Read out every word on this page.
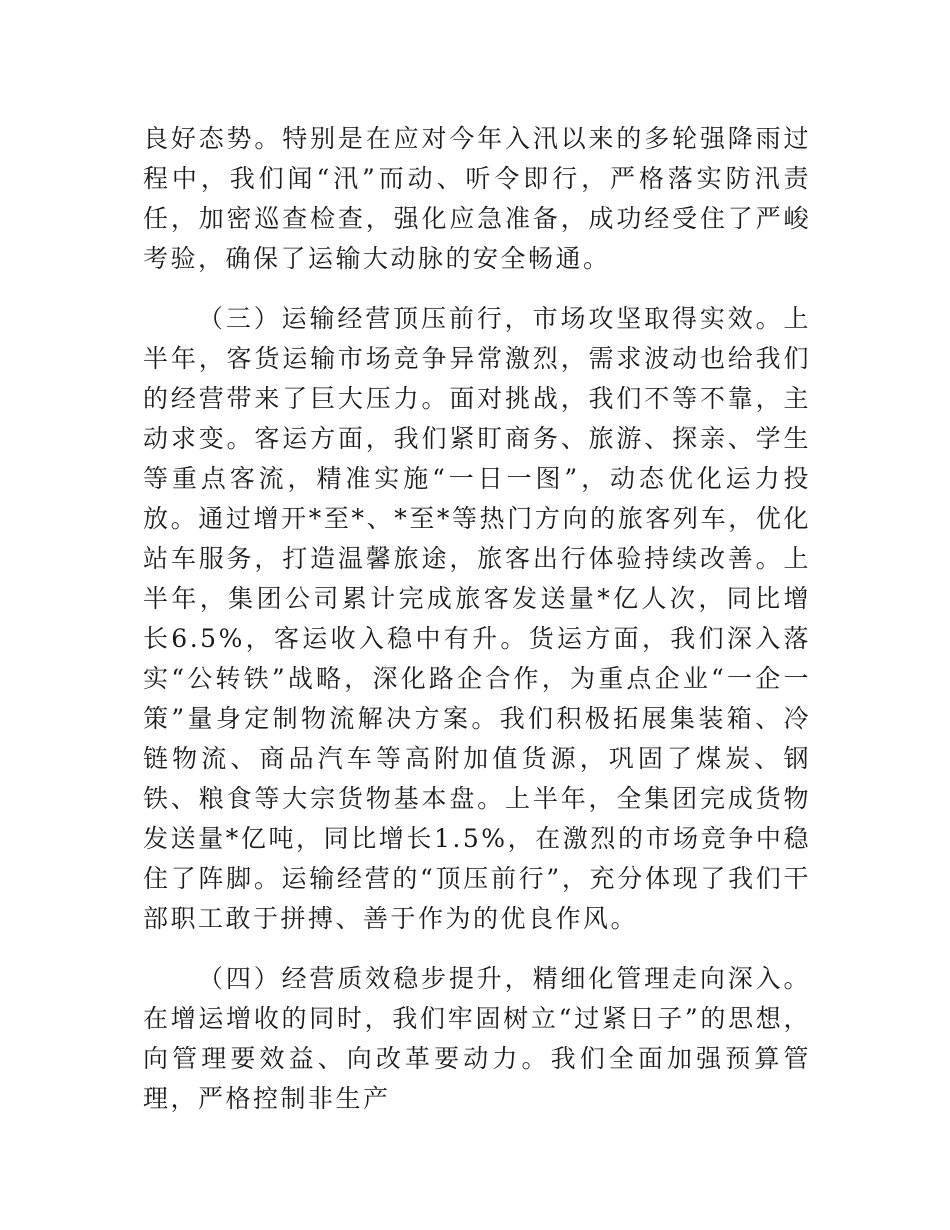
良好态势。特别是在应对今年入汛以来的多轮强降雨过程中，我们闻“汛”而动、听令即行，严格落实防汛责任，加密巡查检查，强化应急准备，成功经受住了严峻考验，确保了运输大动脉的安全畅通。

（三）运输经营顶压前行，市场攻坚取得实效。上半年，客货运输市场竞争异常激烈，需求波动也给我们的经营带来了巨大压力。面对挑战，我们不等不靠，主动求变。客运方面，我们紧盯商务、旅游、探亲、学生等重点客流，精准实施“一日一图”，动态优化运力投放。通过增开*至*、*至*等热门方向的旅客列车，优化站车服务，打造温馨旅途，旅客出行体验持续改善。上半年，集团公司累计完成旅客发送量*亿人次，同比增长6.5%，客运收入稳中有升。货运方面，我们深入落实“公转铁”战略，深化路企合作，为重点企业“一企一策”量身定制物流解决方案。我们积极拓展集装箱、冷链物流、商品汽车等高附加值货源，巩固了煤炭、钢铁、粮食等大宗货物基本盘。上半年，全集团完成货物发送量*亿吨，同比增长1.5%，在激烈的市场竞争中稳住了阵脚。运输经营的“顶压前行”，充分体现了我们干部职工敢于拼搏、善于作为的优良作风。

（四）经营质效稳步提升，精细化管理走向深入。在增运增收的同时，我们牢固树立“过紧日子”的思想，向管理要效益、向改革要动力。我们全面加强预算管理，严格控制非生产
